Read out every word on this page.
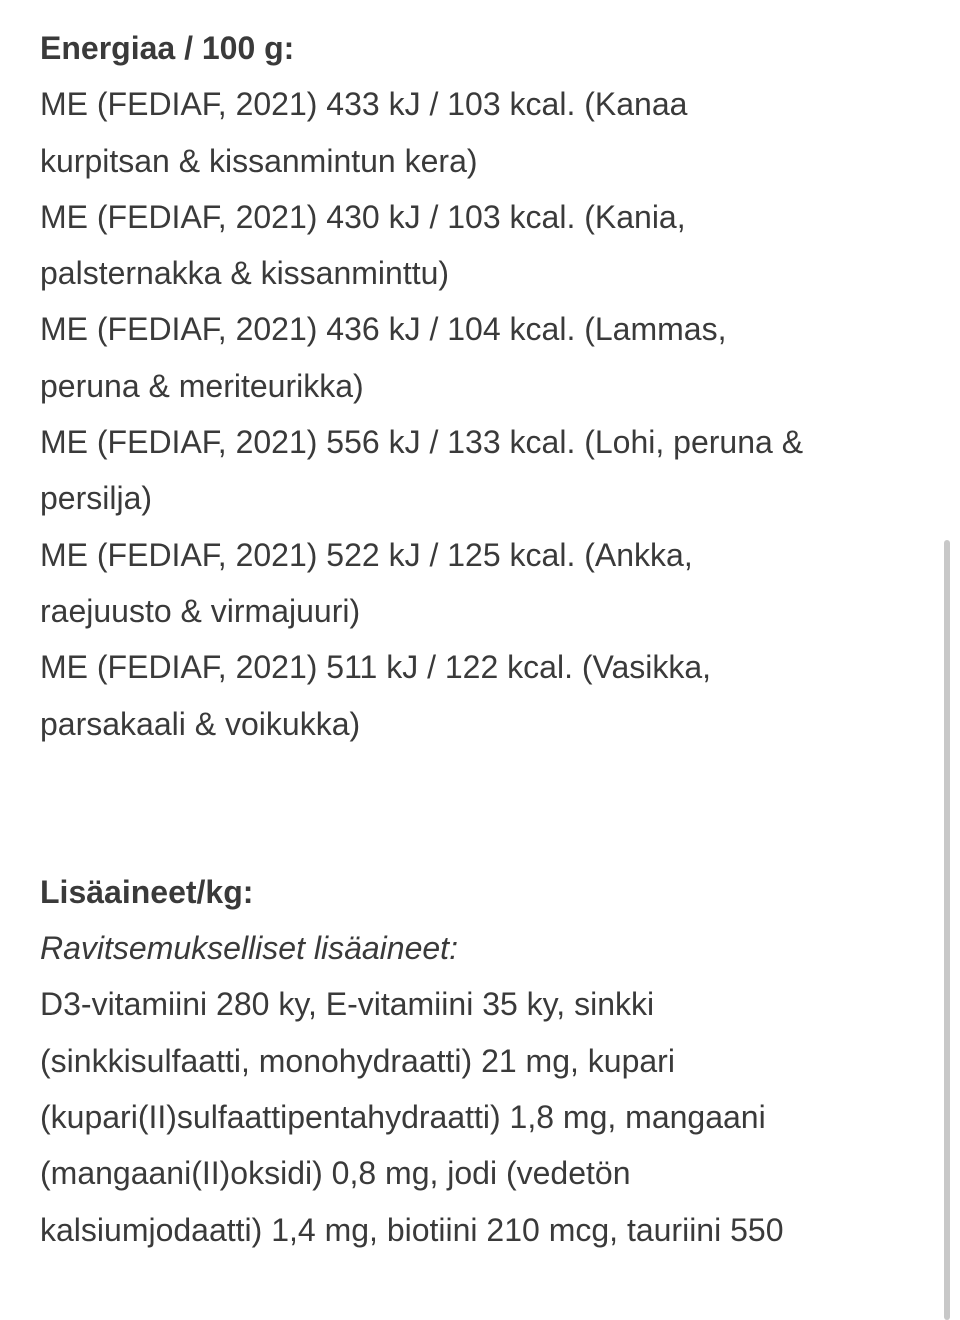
Energiaa / 100 g:

ME (FEDIAF, 2021) 433 kJ / 103 kcal. (Kanaa

kurpitsan & kissanmintun kera)

ME (FEDIAF, 2021) 430 kJ / 103 kcal. (Kania,

palsternakka & kissanminttu)

ME (FEDIAF, 2021) 436 kJ / 104 kcal. (Lammas,

peruna & meriteurikka)

ME (FEDIAF, 2021) 556 kJ / 133 kcal. (Lohi, peruna &

persilja)

ME (FEDIAF, 2021) 522 kJ / 125 kcal. (Ankka,

raejuusto & virmajuuri)

ME (FEDIAF, 2021) 511 kJ / 122 kcal. (Vasikka,

parsakaali & voikukka)

Lisäaineet/kg:

Ravitsemukselliset lisäaineet:

D3-vitamiini 280 ky, E-vitamiini 35 ky, sinkki

(sinkkisulfaatti, monohydraatti) 21 mg, kupari

(kupari(II)sulfaattipentahydraatti) 1,8 mg, mangaani

(mangaani(II)oksidi) 0,8 mg, jodi (vedetön

kalsiumjodaatti) 1,4 mg, biotiini 210 mcg, tauriini 550
